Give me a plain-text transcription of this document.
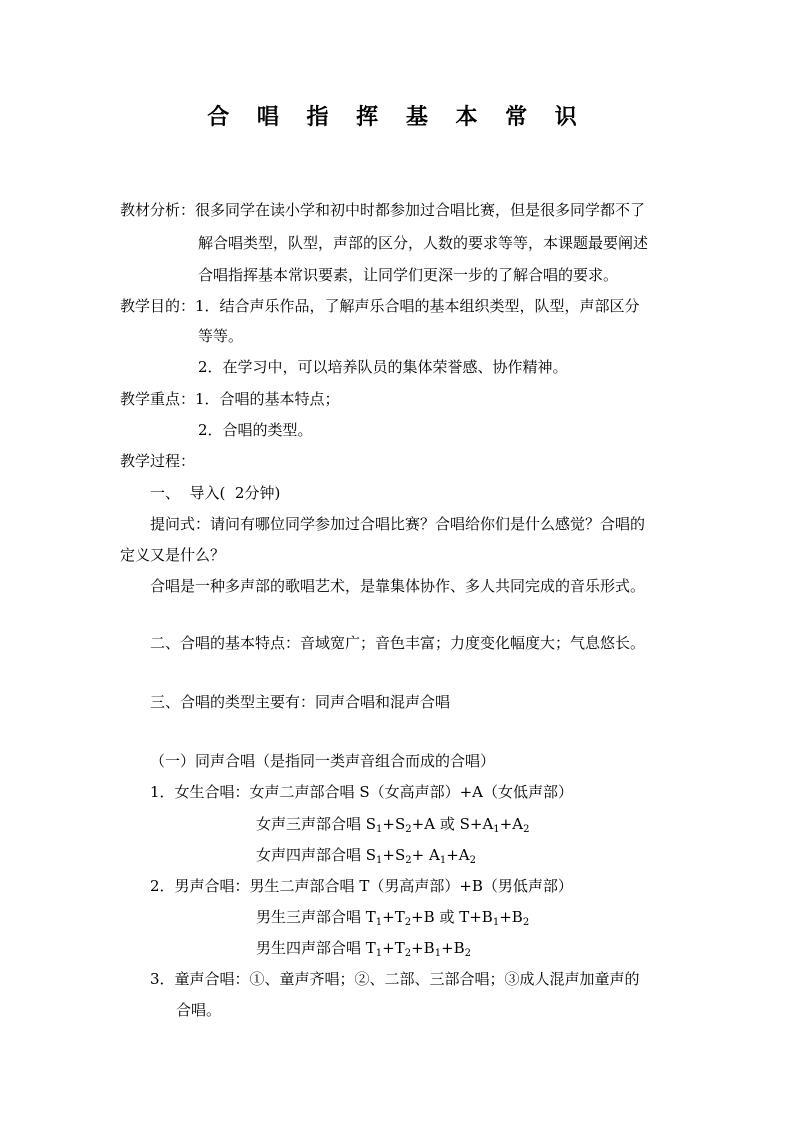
合 唱 指 挥 基 本 常 识
教材分析：很多同学在读小学和初中时都参加过合唱比赛，但是很多同学都不了
解合唱类型，队型，声部的区分，人数的要求等等，本课题最要阐述
合唱指挥基本常识要素，让同学们更深一步的了解合唱的要求。
教学目的：1．结合声乐作品，了解声乐合唱的基本组织类型，队型，声部区分
等等。
2．在学习中，可以培养队员的集体荣誉感、协作精神。
教学重点：1．合唱的基本特点；
2．合唱的类型。
教学过程：
一、  导入(  2分钟)
提问式：请问有哪位同学参加过合唱比赛？合唱给你们是什么感觉？合唱的
定义又是什么？
合唱是一种多声部的歌唱艺术，是靠集体协作、多人共同完成的音乐形式。
二、合唱的基本特点：音域宽广；音色丰富；力度变化幅度大；气息悠长。
三、合唱的类型主要有：同声合唱和混声合唱
（一）同声合唱（是指同一类声音组合而成的合唱）
1．女生合唱：女声二声部合唱 S（女高声部）+A（女低声部）
女声三声部合唱 $S_1+S_2+A$ 或 $S+A_1+A_2$
女声四声部合唱 $S_1+S_2+ A_1+A_2$
2．男声合唱：男生二声部合唱 T（男高声部）+B（男低声部）
男生三声部合唱 $T_1+T_2+B$ 或 $T+B_1+B_2$
男生四声部合唱 $T_1+T_2+B_1+B_2$
3．童声合唱：①、童声齐唱；②、二部、三部合唱；③成人混声加童声的
合唱。
